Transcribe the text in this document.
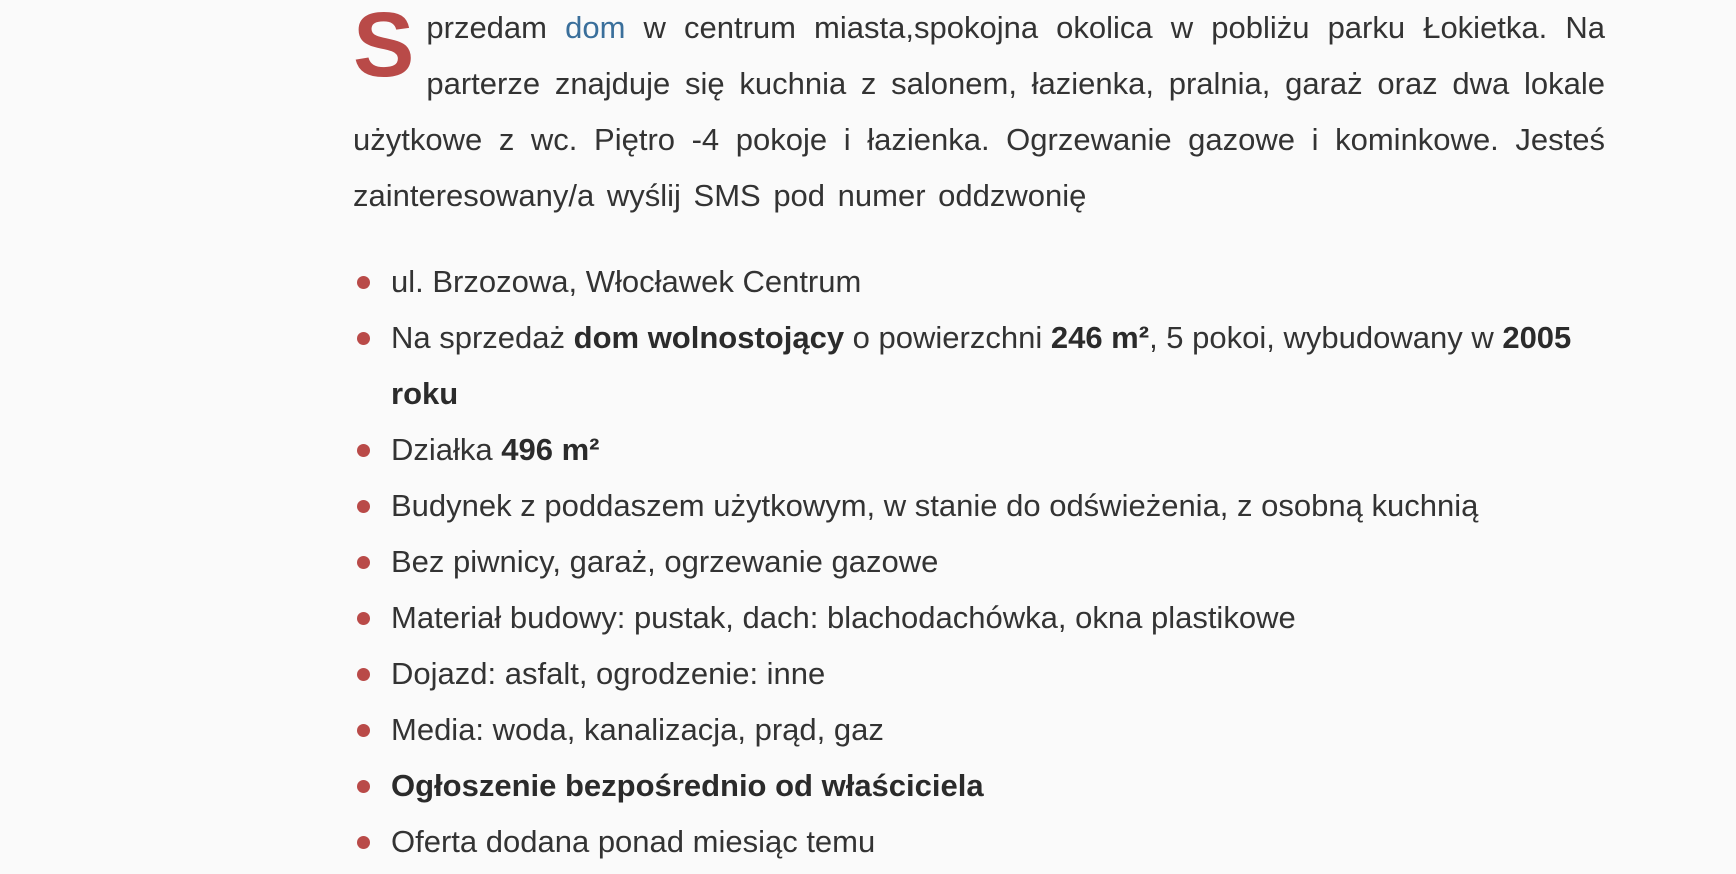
Sprzedam dom w centrum miasta,spokojna okolica w pobliżu parku Łokietka. Na parterze znajduje się kuchnia z salonem, łazienka, pralnia, garaż oraz dwa lokale użytkowe z wc. Piętro -4 pokoje i łazienka. Ogrzewanie gazowe i kominkowe. Jesteś zainteresowany/a wyślij SMS pod numer oddzwonię

ul. Brzozowa, Włocławek Centrum
Na sprzedaż dom wolnostojący o powierzchni 246 m², 5 pokoi, wybudowany w 2005 roku
Działka 496 m²
Budynek z poddaszem użytkowym, w stanie do odświeżenia, z osobną kuchnią
Bez piwnicy, garaż, ogrzewanie gazowe
Materiał budowy: pustak, dach: blachodachówka, okna plastikowe
Dojazd: asfalt, ogrodzenie: inne
Media: woda, kanalizacja, prąd, gaz
Ogłoszenie bezpośrednio od właściciela
Oferta dodana ponad miesiąc temu
